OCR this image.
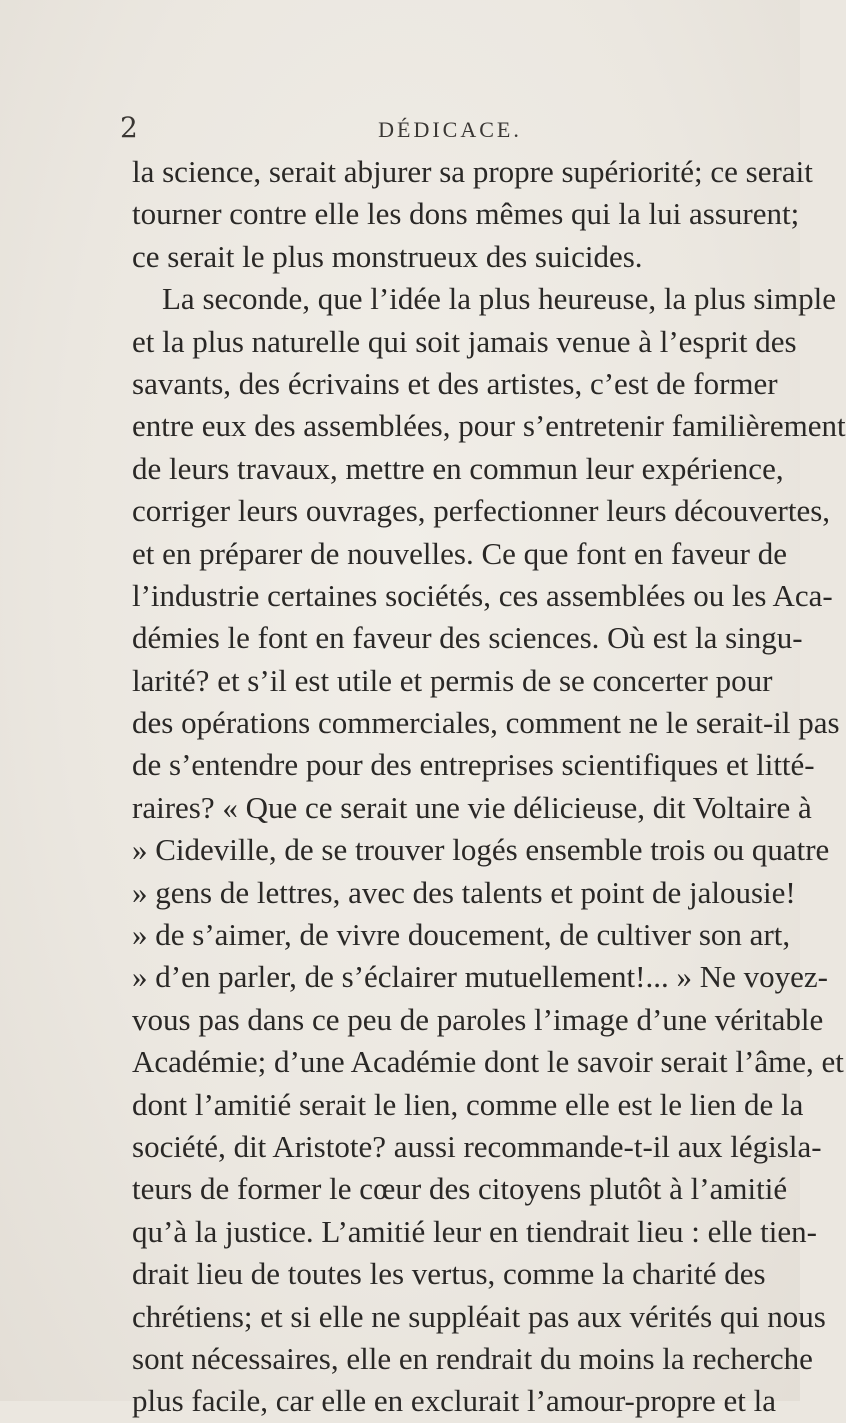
2	DÉDICACE.
la science, serait abjurer sa propre supériorité; ce serait
tourner contre elle les dons mêmes qui la lui assurent;
ce serait le plus monstrueux des suicides.
La seconde, que l’idée la plus heureuse, la plus simple
et la plus naturelle qui soit jamais venue à l’esprit des
savants, des écrivains et des artistes, c’est de former
entre eux des assemblées, pour s’entretenir familièrement
de leurs travaux, mettre en commun leur expérience,
corriger leurs ouvrages, perfectionner leurs découvertes,
et en préparer de nouvelles. Ce que font en faveur de
l’industrie certaines sociétés, ces assemblées ou les Aca-
démies le font en faveur des sciences. Où est la singu-
larité? et s’il est utile et permis de se concerter pour
des opérations commerciales, comment ne le serait-il pas
de s’entendre pour des entreprises scientifiques et litté-
raires? « Que ce serait une vie délicieuse, dit Voltaire à
» Cideville, de se trouver logés ensemble trois ou quatre
» gens de lettres, avec des talents et point de jalousie!
» de s’aimer, de vivre doucement, de cultiver son art,
» d’en parler, de s’éclairer mutuellement!... » Ne voyez-
vous pas dans ce peu de paroles l’image d’une véritable
Académie; d’une Académie dont le savoir serait l’âme, et
dont l’amitié serait le lien, comme elle est le lien de la
société, dit Aristote? aussi recommande-t-il aux législa-
teurs de former le cœur des citoyens plutôt à l’amitié
qu’à la justice. L’amitié leur en tiendrait lieu : elle tien-
drait lieu de toutes les vertus, comme la charité des
chrétiens; et si elle ne suppléait pas aux vérités qui nous
sont nécessaires, elle en rendrait du moins la recherche
plus facile, car elle en exclurait l’amour-propre et la
